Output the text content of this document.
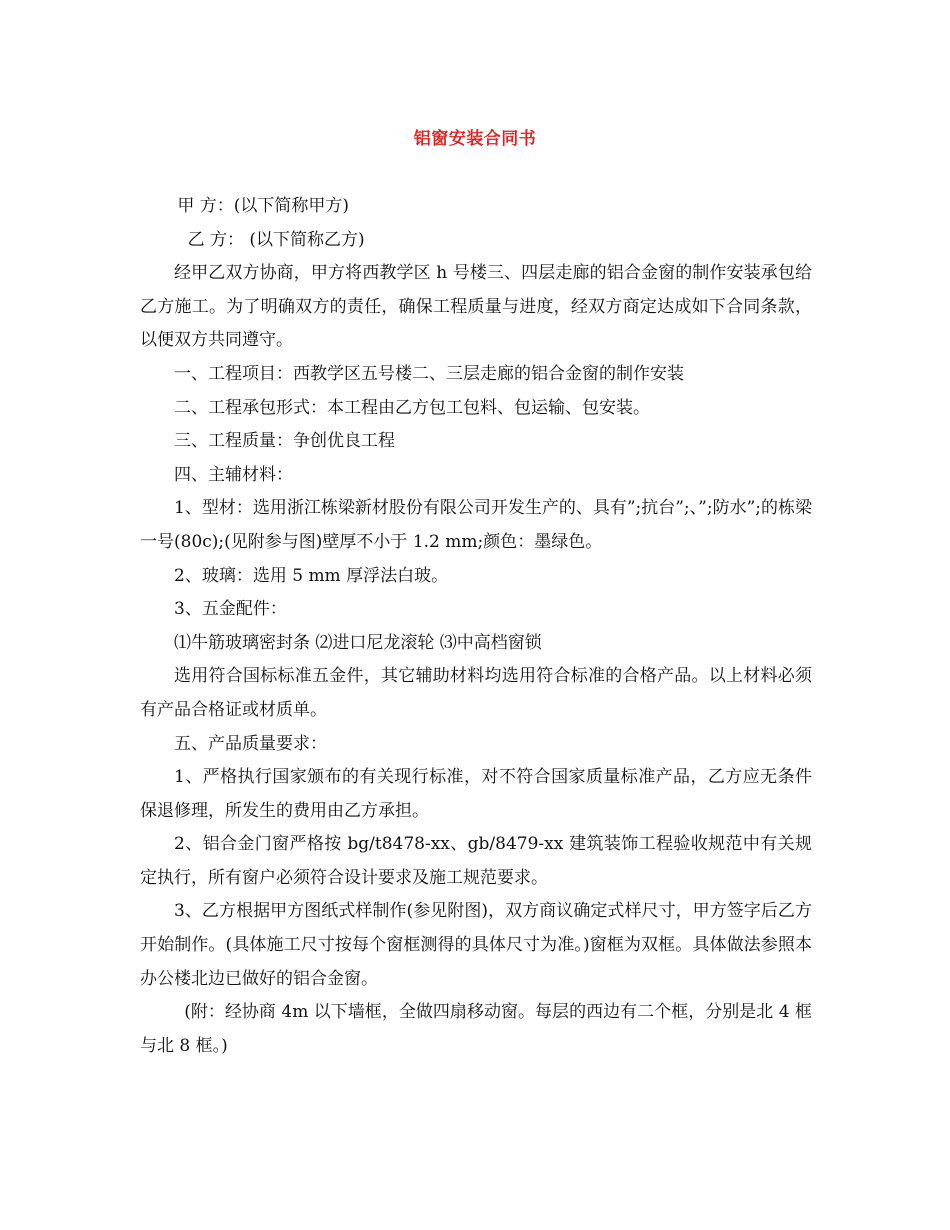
铝窗安装合同书

甲 方：(以下简称甲方)

乙 方： (以下简称乙方)

经甲乙双方协商，甲方将西教学区 h 号楼三、四层走廊的铝合金窗的制作安装承包给乙方施工。为了明确双方的责任，确保工程质量与进度，经双方商定达成如下合同条款，以便双方共同遵守。

一、工程项目：西教学区五号楼二、三层走廊的铝合金窗的制作安装

二、工程承包形式：本工程由乙方包工包料、包运输、包安装。

三、工程质量：争创优良工程

四、主辅材料：

1、型材：选用浙江栋梁新材股份有限公司开发生产的、具有”;抗台”;、”;防水”;的栋梁一号(80c);(见附参与图)壁厚不小于 1.2 mm;颜色：墨绿色。

2、玻璃：选用 5 mm 厚浮法白玻。

3、五金配件：

⑴牛筋玻璃密封条 ⑵进口尼龙滚轮 ⑶中高档窗锁

选用符合国标标准五金件，其它辅助材料均选用符合标准的合格产品。以上材料必须有产品合格证或材质单。

五、产品质量要求：

1、严格执行国家颁布的有关现行标准，对不符合国家质量标准产品，乙方应无条件保退修理，所发生的费用由乙方承担。

2、铝合金门窗严格按 bg/t8478-xx、gb/8479-xx 建筑装饰工程验收规范中有关规定执行，所有窗户必须符合设计要求及施工规范要求。

3、乙方根据甲方图纸式样制作(参见附图)，双方商议确定式样尺寸，甲方签字后乙方开始制作。(具体施工尺寸按每个窗框测得的具体尺寸为准。)窗框为双框。具体做法参照本办公楼北边已做好的铝合金窗。

(附：经协商 4m 以下墙框，全做四扇移动窗。每层的西边有二个框，分别是北 4 框与北 8 框。)
